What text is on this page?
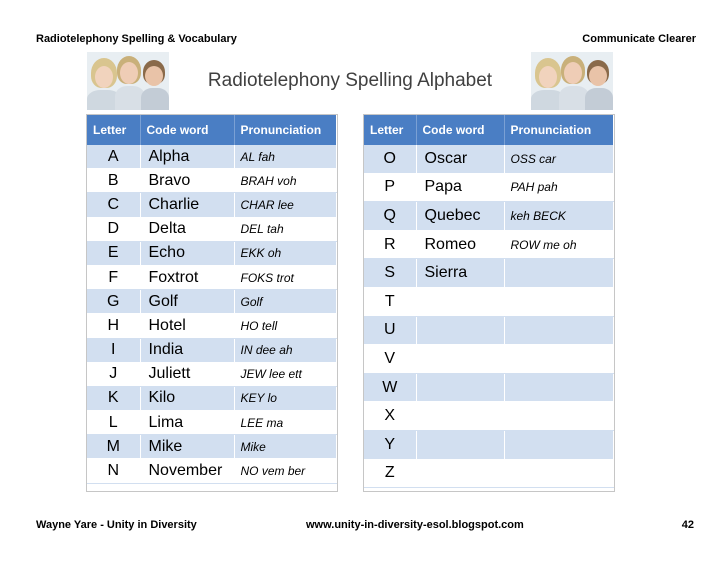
Radiotelephony Spelling & Vocabulary	Communicate Clearer
Radiotelephony Spelling Alphabet
Letter	Code word	Pronunciation
A	Alpha	AL fah
B	Bravo	BRAH voh
C	Charlie	CHAR lee
D	Delta	DEL tah
E	Echo	EKK oh
F	Foxtrot	FOKS trot
G	Golf	Golf
H	Hotel	HO tell
I	India	IN dee ah
J	Juliett	JEW lee ett
K	Kilo	KEY lo
L	Lima	LEE ma
M	Mike	Mike
N	November	NO vem ber
Letter	Code word	Pronunciation
O	Oscar	OSS car
P	Papa	PAH pah
Q	Quebec	keh BECK
R	Romeo	ROW me oh
S	Sierra	
T		
U		
V		
W		
X		
Y		
Z		
Wayne Yare - Unity in Diversity	www.unity-in-diversity-esol.blogspot.com	42
